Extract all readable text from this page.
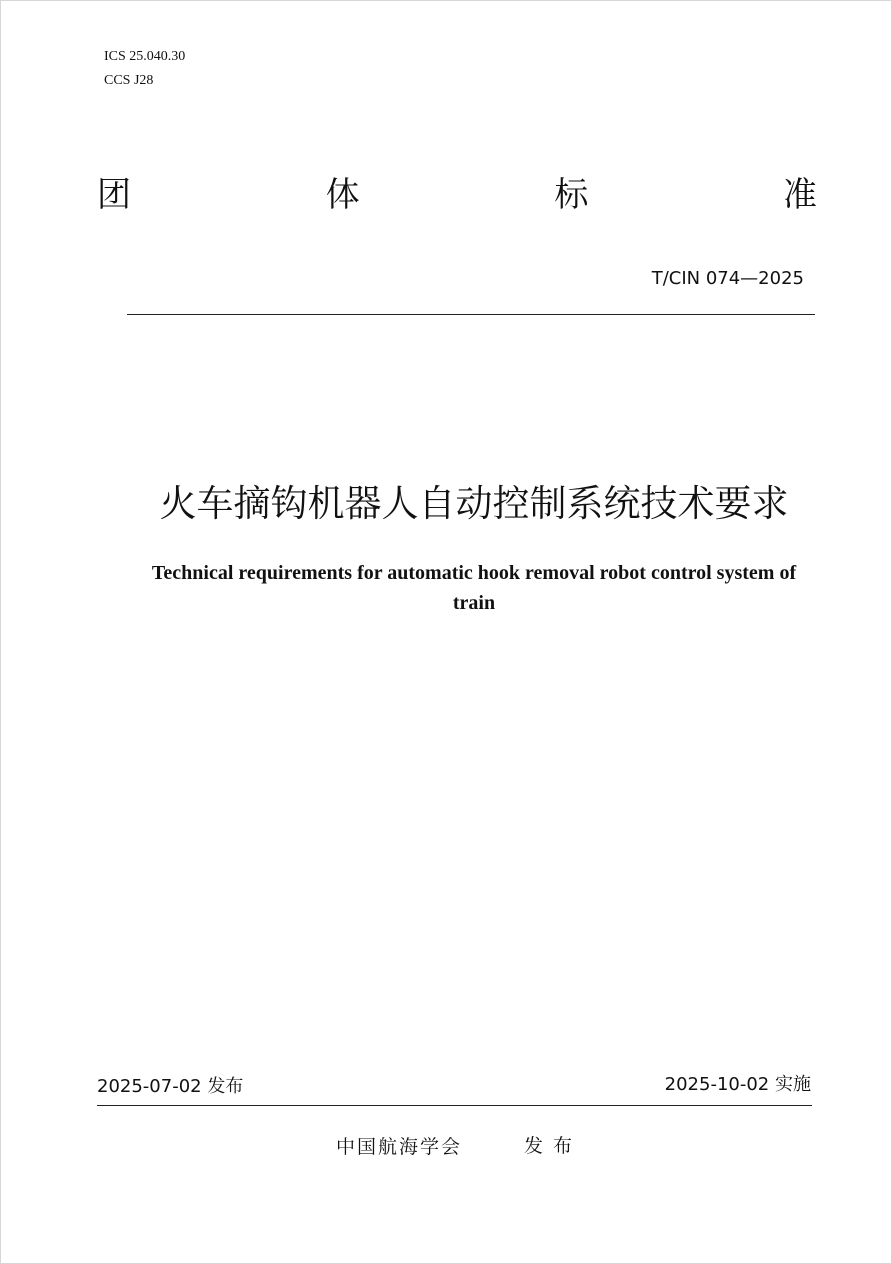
ICS 25.040.30
CCS J28
团	体	标	准
T/CIN 074—2025
火车摘钩机器人自动控制系统技术要求
Technical requirements for automatic hook removal robot control system of
train
2025-07-02 发布	2025-10-02 实施
中国航海学会	发布
